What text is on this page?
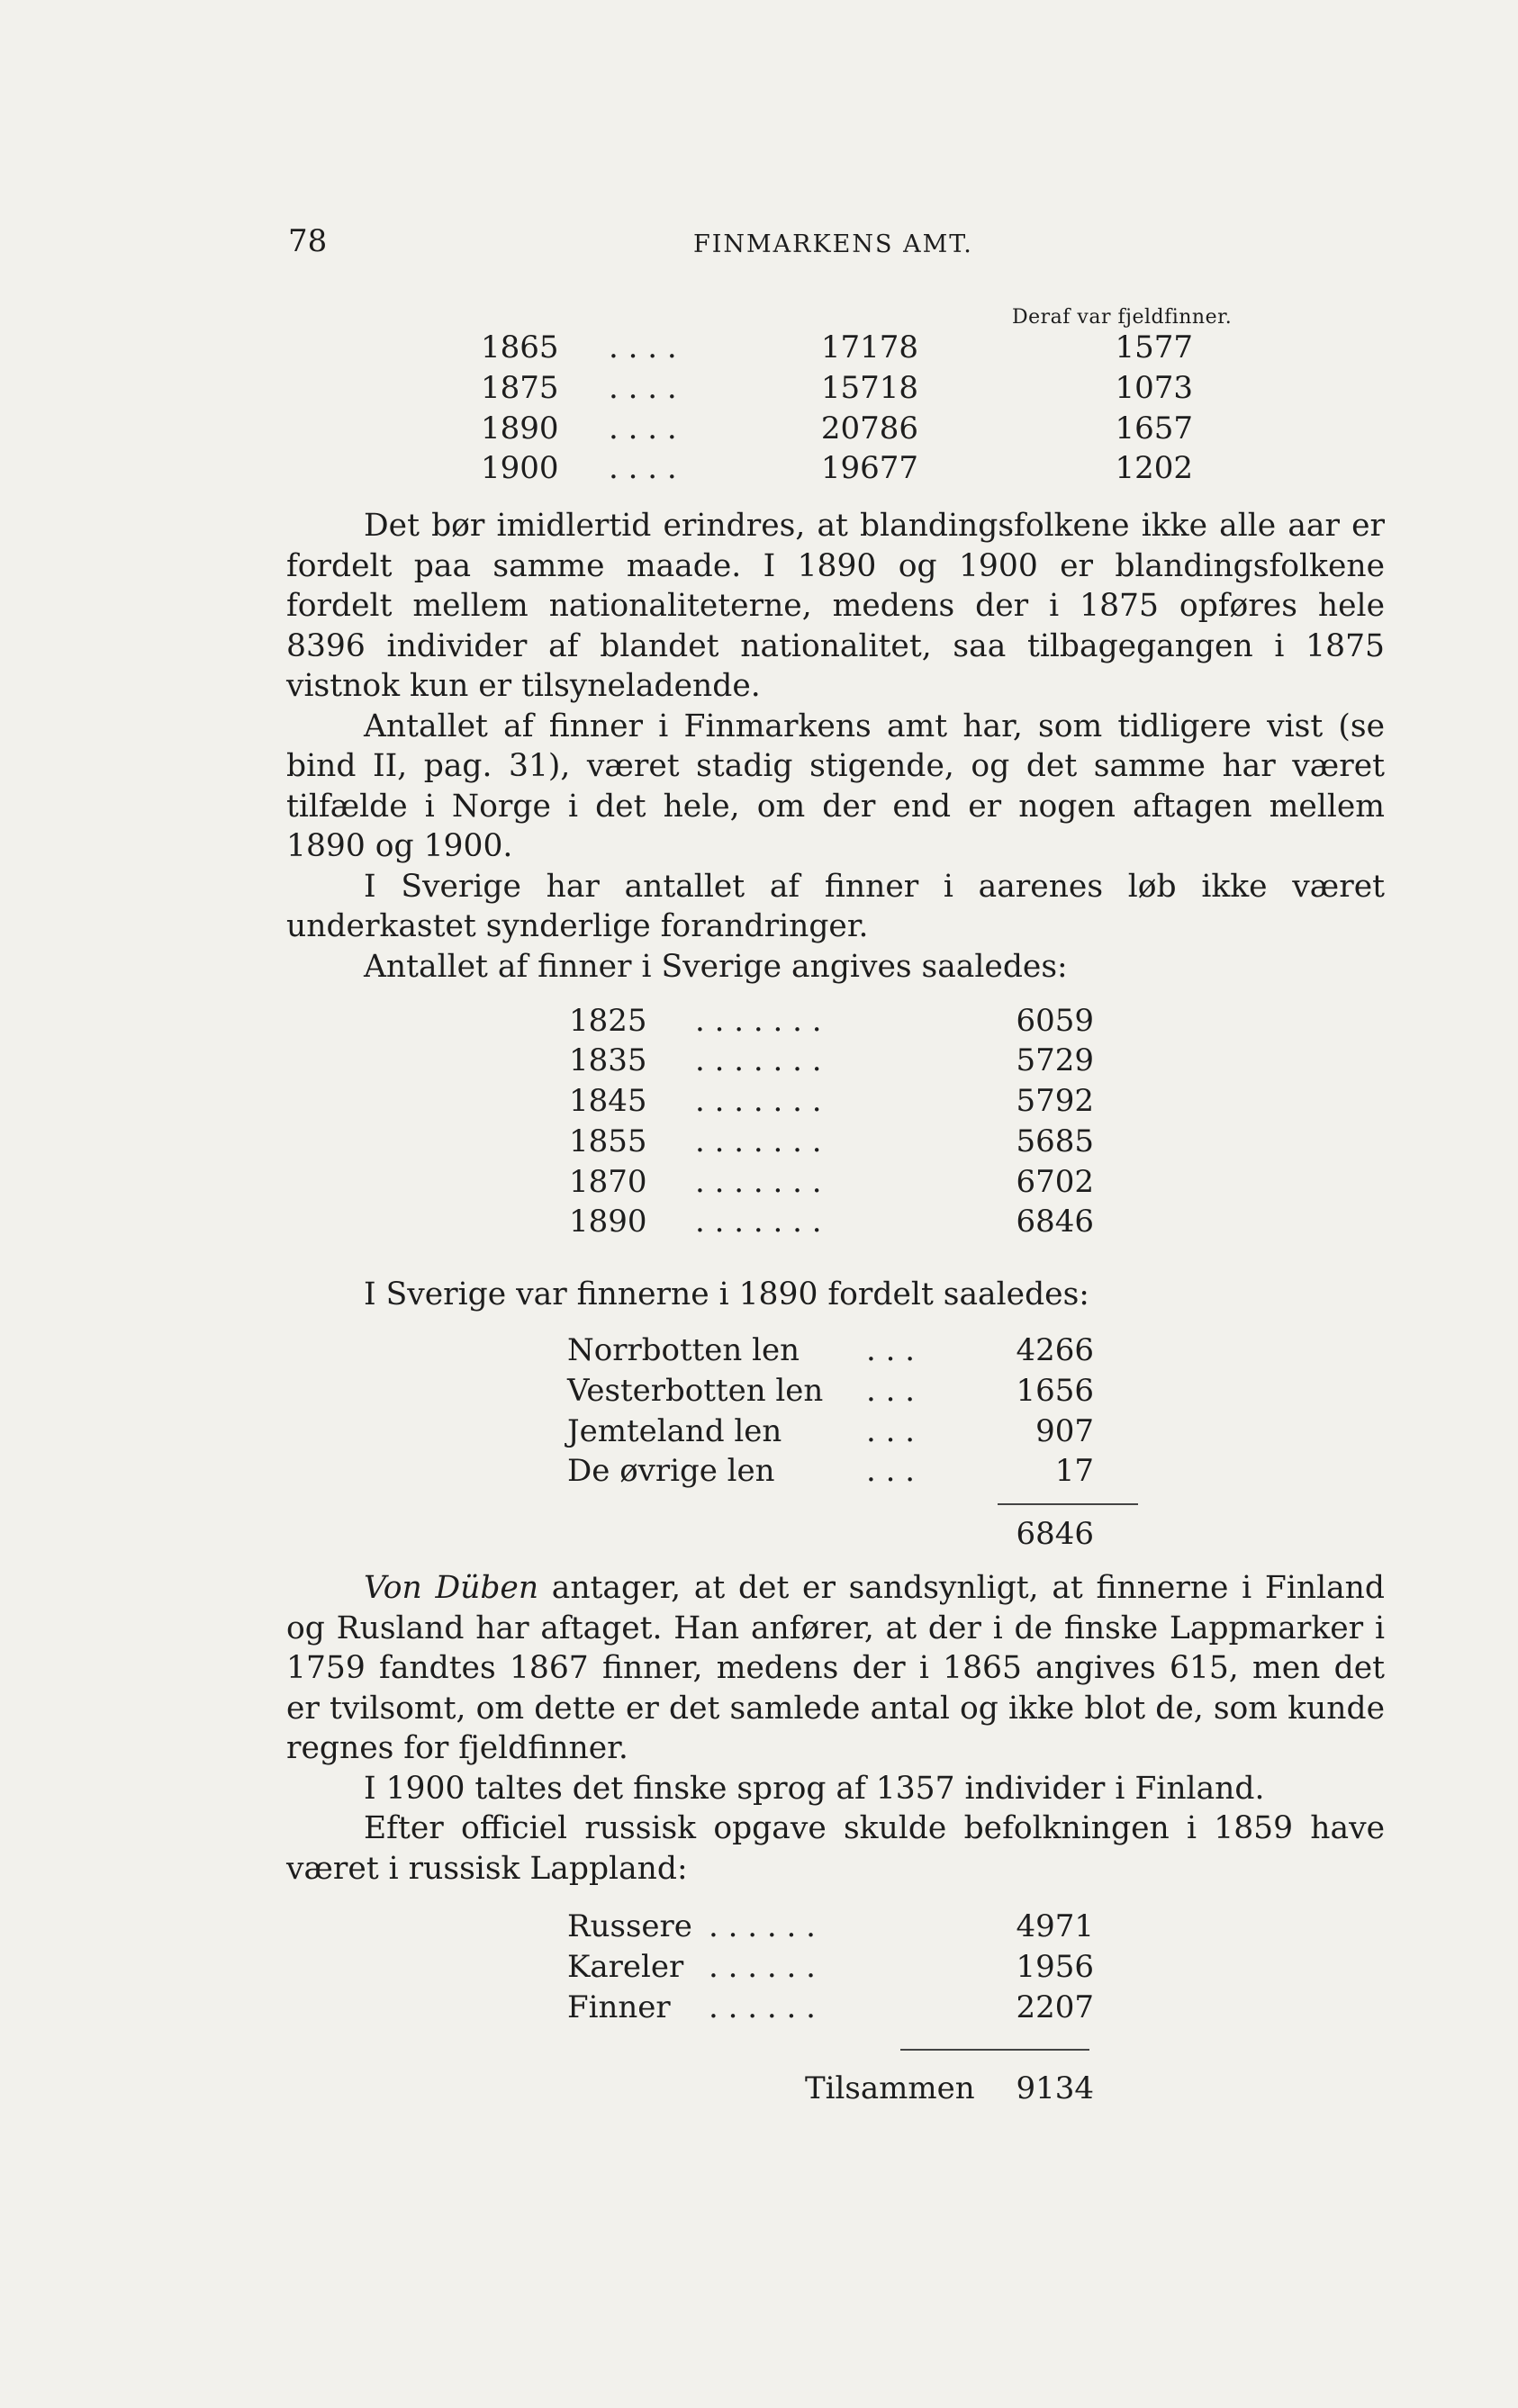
78	FINMARKENS AMT.
Deraf var fjeldfinner.
1865 . . . .	17178	1577
1875 . . . .	15718	1073
1890 . . . .	20786	1657
1900 . . . .	19677	1202

Det bør imidlertid erindres, at blandingsfolkene ikke alle aar er fordelt paa samme maade. I 1890 og 1900 er blandingsfolkene fordelt mellem nationaliteterne, medens der i 1875 opføres hele 8396 individer af blandet nationalitet, saa tilbagegangen i 1875 vistnok kun er tilsyneladende.

Antallet af finner i Finmarkens amt har, som tidligere vist (se bind II, pag. 31), været stadig stigende, og det samme har været tilfælde i Norge i det hele, om der end er nogen aftagen mellem 1890 og 1900.

I Sverige har antallet af finner i aarenes løb ikke været underkastet synderlige forandringer.

Antallet af finner i Sverige angives saaledes:

1825 . . . . . . .	6059
1835 . . . . . . .	5729
1845 . . . . . . .	5792
1855 . . . . . . .	5685
1870 . . . . . . .	6702
1890 . . . . . . .	6846

I Sverige var finnerne i 1890 fordelt saaledes:

Norrbotten len . . .	4266
Vesterbotten len . . .	1656
Jemteland len	. . .	907
De øvrige len	. . .	17
6846

Von Düben antager, at det er sandsynligt, at finnerne i Finland og Rusland har aftaget. Han anfører, at der i de finske Lappmarker i 1759 fandtes 1867 finner, medens der i 1865 angives 615, men det er tvilsomt, om dette er det samlede antal og ikke blot de, som kunde regnes for fjeldfinner.

I 1900 taltes det finske sprog af 1357 individer i Finland.

Efter officiel russisk opgave skulde befolkningen i 1859 have været i russisk Lappland:

Russere . . . . . .	4971
Kareler . . . . . .	1956
Finner . . . . . .	2207
Tilsammen	9134
